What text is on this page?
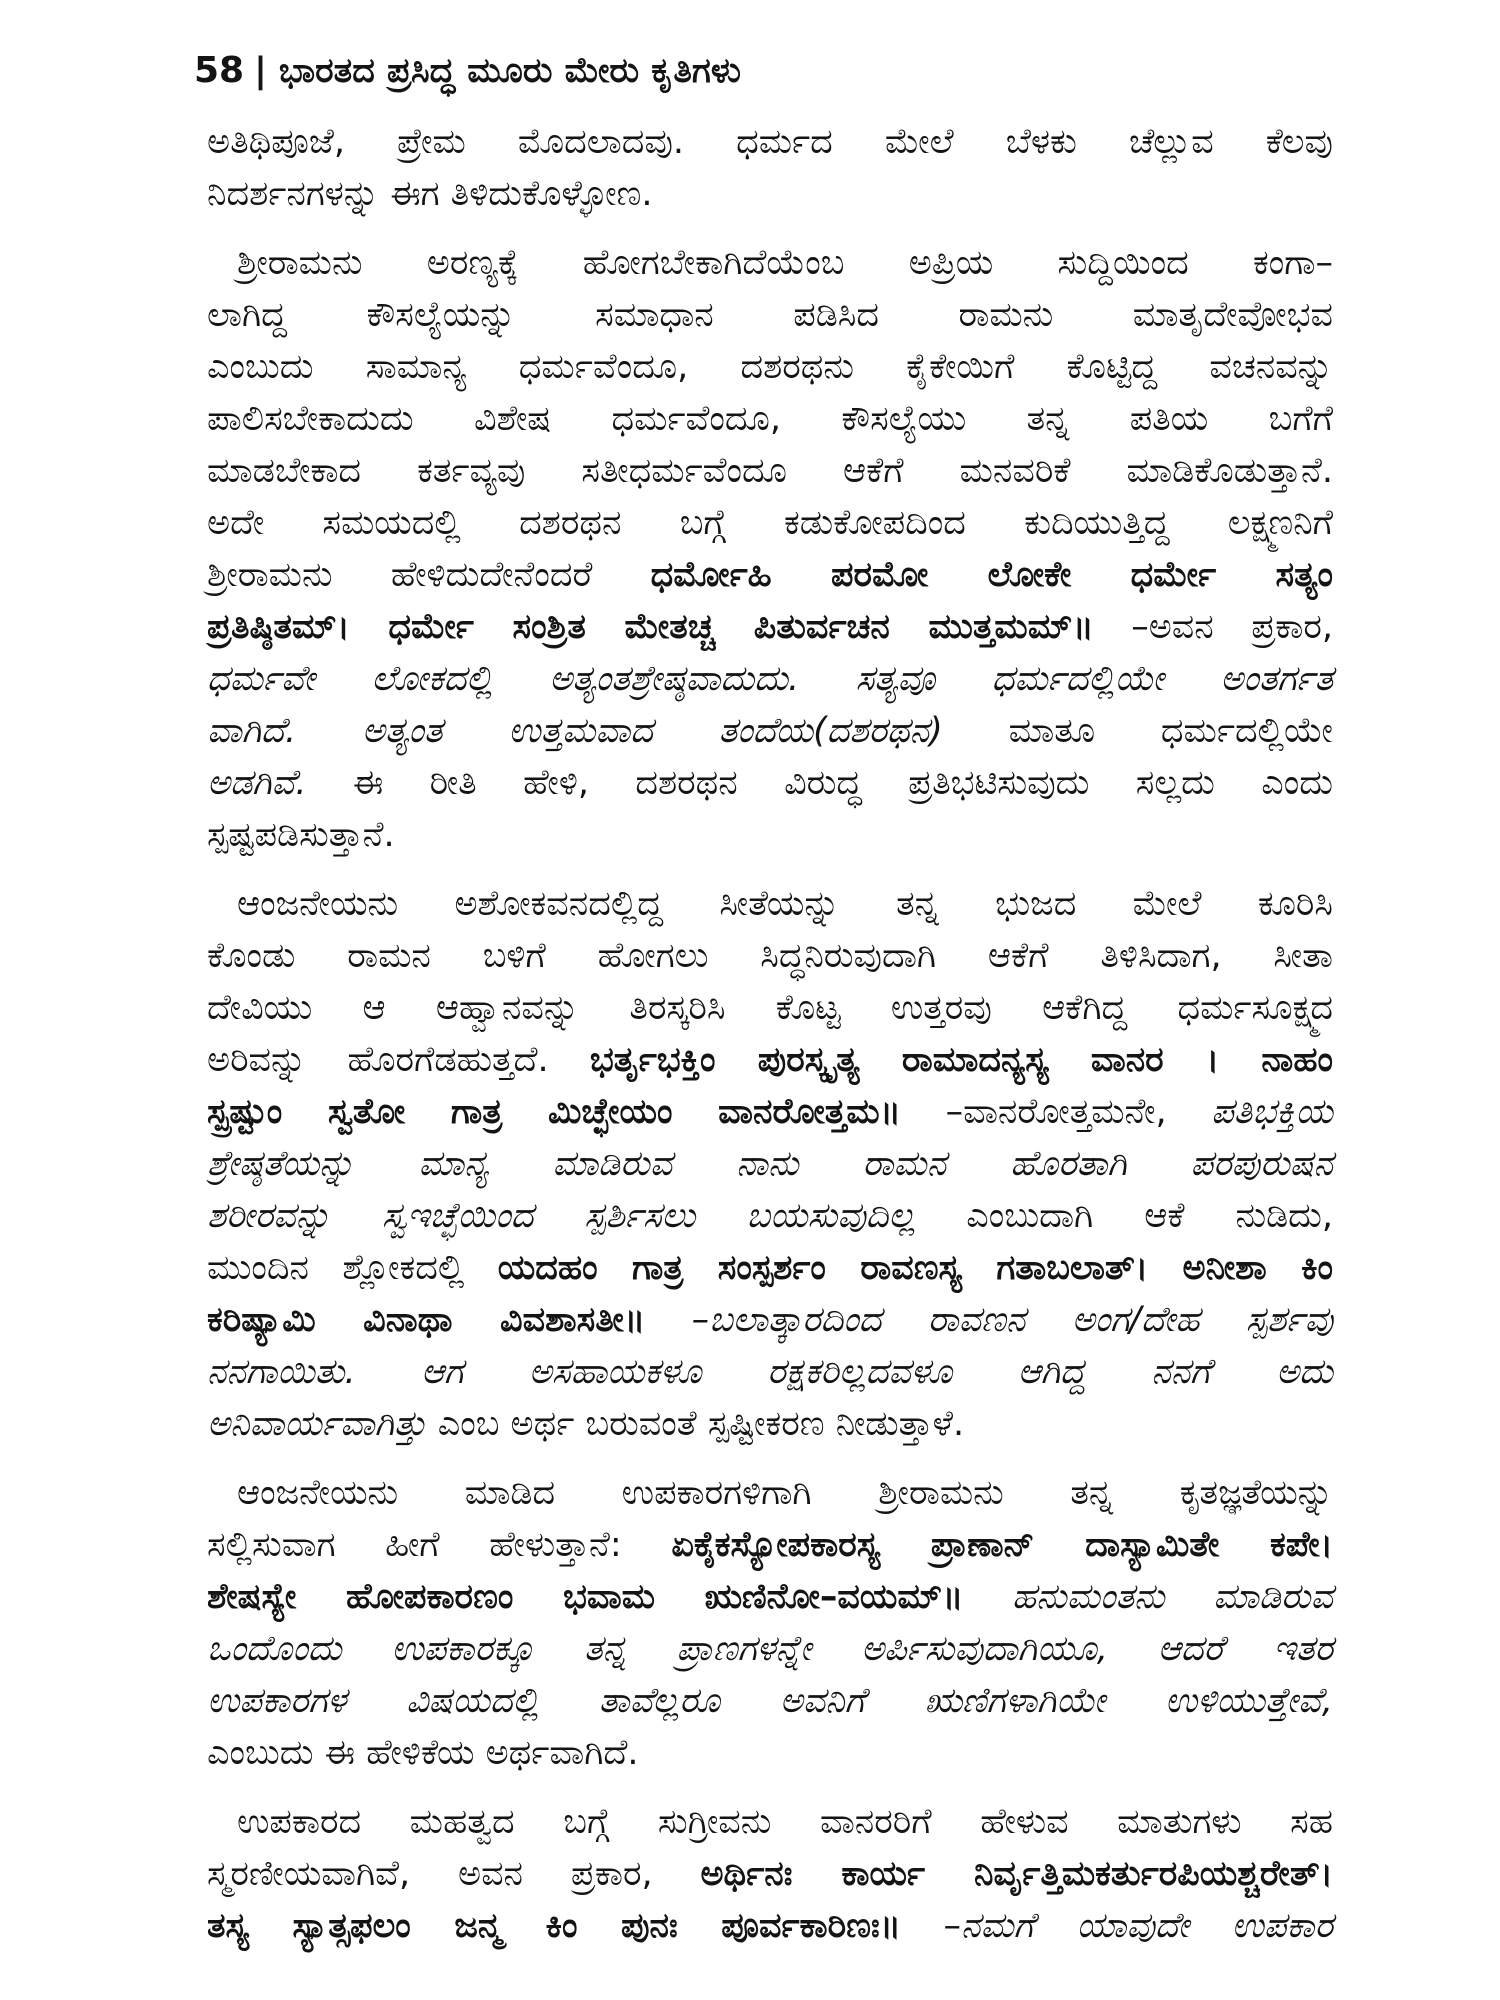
58 | ಭಾರತದ ಪ್ರಸಿದ್ಧ ಮೂರು ಮೇರು ಕೃತಿಗಳು
ಅತಿಥಿಪೂಜೆ, ಪ್ರೇಮ ಮೊದಲಾದವು. ಧರ್ಮದ ಮೇಲೆ ಬೆಳಕು ಚೆಲ್ಲುವ ಕೆಲವು
ನಿದರ್ಶನಗಳನ್ನು ಈಗ ತಿಳಿದುಕೊಳ್ಳೋಣ.
ಶ್ರೀರಾಮನು ಅರಣ್ಯಕ್ಕೆ ಹೋಗಬೇಕಾಗಿದೆಯೆಂಬ ಅಪ್ರಿಯ ಸುದ್ದಿಯಿಂದ ಕಂಗಾ–
ಲಾಗಿದ್ದ ಕೌಸಲ್ಯೆಯನ್ನು ಸಮಾಧಾನ ಪಡಿಸಿದ ರಾಮನು ಮಾತೃದೇವೋಭವ
ಎಂಬುದು ಸಾಮಾನ್ಯ ಧರ್ಮವೆಂದೂ, ದಶರಥನು ಕೈಕೇಯಿಗೆ ಕೊಟ್ಟಿದ್ದ ವಚನವನ್ನು
ಪಾಲಿಸಬೇಕಾದುದು ವಿಶೇಷ ಧರ್ಮವೆಂದೂ, ಕೌಸಲ್ಯೆಯು ತನ್ನ ಪತಿಯ ಬಗೆಗೆ
ಮಾಡಬೇಕಾದ ಕರ್ತವ್ಯವು ಸತೀಧರ್ಮವೆಂದೂ ಆಕೆಗೆ ಮನವರಿಕೆ ಮಾಡಿಕೊಡುತ್ತಾನೆ.
ಅದೇ ಸಮಯದಲ್ಲಿ ದಶರಥನ ಬಗ್ಗೆ ಕಡುಕೋಪದಿಂದ ಕುದಿಯುತ್ತಿದ್ದ ಲಕ್ಷ್ಮಣನಿಗೆ
ಶ್ರೀರಾಮನು ಹೇಳಿದುದೇನೆಂದರೆ ಧರ್ಮೋಹಿ ಪರಮೋ ಲೋಕೇ ಧರ್ಮೇ ಸತ್ಯಂ
ಪ್ರತಿಷ್ಠಿತಮ್। ಧರ್ಮೇ ಸಂಶ್ರಿತ ಮೇತಚ್ಚ ಪಿತುರ್ವಚನ ಮುತ್ತಮಮ್॥ –ಅವನ ಪ್ರಕಾರ,
ಧರ್ಮವೇ ಲೋಕದಲ್ಲಿ ಅತ್ಯಂತಶ್ರೇಷ್ಠವಾದುದು. ಸತ್ಯವೂ ಧರ್ಮದಲ್ಲಿಯೇ ಅಂತರ್ಗತ
ವಾಗಿದೆ. ಅತ್ಯಂತ ಉತ್ತಮವಾದ ತಂದೆಯ(ದಶರಥನ) ಮಾತೂ ಧರ್ಮದಲ್ಲಿಯೇ
ಅಡಗಿವೆ. ಈ ರೀತಿ ಹೇಳಿ, ದಶರಥನ ವಿರುದ್ಧ ಪ್ರತಿಭಟಿಸುವುದು ಸಲ್ಲದು ಎಂದು
ಸ್ಪಷ್ಟಪಡಿಸುತ್ತಾನೆ.
ಆಂಜನೇಯನು ಅಶೋಕವನದಲ್ಲಿದ್ದ ಸೀತೆಯನ್ನು ತನ್ನ ಭುಜದ ಮೇಲೆ ಕೂರಿಸಿ
ಕೊಂಡು ರಾಮನ ಬಳಿಗೆ ಹೋಗಲು ಸಿದ್ಧನಿರುವುದಾಗಿ ಆಕೆಗೆ ತಿಳಿಸಿದಾಗ, ಸೀತಾ
ದೇವಿಯು ಆ ಆಹ್ವಾನವನ್ನು ತಿರಸ್ಕರಿಸಿ ಕೊಟ್ಟ ಉತ್ತರವು ಆಕೆಗಿದ್ದ ಧರ್ಮಸೂಕ್ಷ್ಮದ
ಅರಿವನ್ನು ಹೊರಗೆಡಹುತ್ತದೆ. ಭರ್ತೃಭಕ್ತಿಂ ಪುರಸ್ಕೃತ್ಯ ರಾಮಾದನ್ಯಸ್ಯ ವಾನರ । ನಾಹಂ
ಸ್ಪ್ರಷ್ಟುಂ ಸ್ವತೋ ಗಾತ್ರ ಮಿಚ್ಛೇಯಂ ವಾನರೋತ್ತಮ॥ –ವಾನರೋತ್ತಮನೇ, ಪತಿಭಕ್ತಿಯ
ಶ್ರೇಷ್ಠತೆಯನ್ನು ಮಾನ್ಯ ಮಾಡಿರುವ ನಾನು ರಾಮನ ಹೊರತಾಗಿ ಪರಪುರುಷನ
ಶರೀರವನ್ನು ಸ್ವಇಚ್ಛೆಯಿಂದ ಸ್ಪರ್ಶಿಸಲು ಬಯಸುವುದಿಲ್ಲ ಎಂಬುದಾಗಿ ಆಕೆ ನುಡಿದು,
ಮುಂದಿನ ಶ್ಲೋಕದಲ್ಲಿ ಯದಹಂ ಗಾತ್ರ ಸಂಸ್ಪರ್ಶಂ ರಾವಣಸ್ಯ ಗತಾಬಲಾತ್। ಅನೀಶಾ ಕಿಂ
ಕರಿಷ್ಯಾಮಿ ವಿನಾಥಾ ವಿವಶಾಸತೀ॥ –ಬಲಾತ್ಕಾರದಿಂದ ರಾವಣನ ಅಂಗ/ದೇಹ ಸ್ಪರ್ಶವು
ನನಗಾಯಿತು. ಆಗ ಅಸಹಾಯಕಳೂ ರಕ್ಷಕರಿಲ್ಲದವಳೂ ಆಗಿದ್ದ ನನಗೆ ಅದು
ಅನಿವಾರ್ಯವಾಗಿತ್ತು ಎಂಬ ಅರ್ಥ ಬರುವಂತೆ ಸ್ಪಷ್ಟೀಕರಣ ನೀಡುತ್ತಾಳೆ.
ಆಂಜನೇಯನು ಮಾಡಿದ ಉಪಕಾರಗಳಿಗಾಗಿ ಶ್ರೀರಾಮನು ತನ್ನ ಕೃತಜ್ಞತೆಯನ್ನು
ಸಲ್ಲಿಸುವಾಗ ಹೀಗೆ ಹೇಳುತ್ತಾನೆ: ಏಕೈಕಸ್ಯೋಪಕಾರಸ್ಯ ಪ್ರಾಣಾನ್ ದಾಸ್ಯಾಮಿತೇ ಕಪೇ।
ಶೇಷಸ್ಯೇ ಹೋಪಕಾರಣಂ ಭವಾಮ ಋಣಿನೋ–ವಯಮ್॥ ಹನುಮಂತನು ಮಾಡಿರುವ
ಒಂದೊಂದು ಉಪಕಾರಕ್ಕೂ ತನ್ನ ಪ್ರಾಣಗಳನ್ನೇ ಅರ್ಪಿಸುವುದಾಗಿಯೂ, ಆದರೆ ಇತರ
ಉಪಕಾರಗಳ ವಿಷಯದಲ್ಲಿ ತಾವೆಲ್ಲರೂ ಅವನಿಗೆ ಋಣಿಗಳಾಗಿಯೇ ಉಳಿಯುತ್ತೇವೆ,
ಎಂಬುದು ಈ ಹೇಳಿಕೆಯ ಅರ್ಥವಾಗಿದೆ.
ಉಪಕಾರದ ಮಹತ್ವದ ಬಗ್ಗೆ ಸುಗ್ರೀವನು ವಾನರರಿಗೆ ಹೇಳುವ ಮಾತುಗಳು ಸಹ
ಸ್ಮರಣೀಯವಾಗಿವೆ, ಅವನ ಪ್ರಕಾರ, ಅರ್ಥಿನಃ ಕಾರ್ಯ ನಿರ್ವೃತ್ತಿಮಕರ್ತುರಪಿಯಶ್ಚರೇತ್।
ತಸ್ಯ ಸ್ಯಾತ್ಸಫಲಂ ಜನ್ಮ ಕಿಂ ಪುನಃ ಪೂರ್ವಕಾರಿಣಃ॥ –ನಮಗೆ ಯಾವುದೇ ಉಪಕಾರ
